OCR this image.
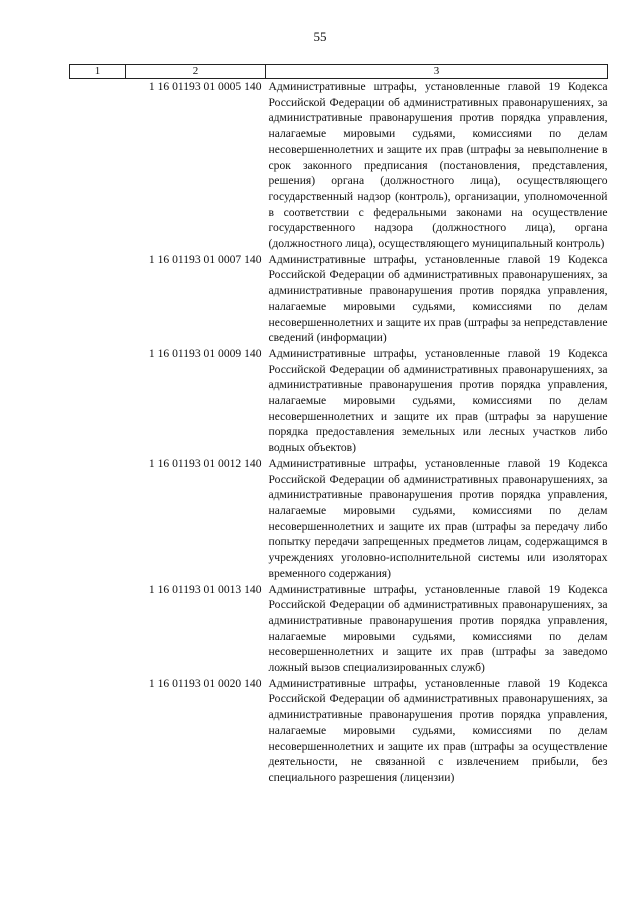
55
1	2	3
	1 16 01193 01 0005 140	Административные штрафы, установленные главой 19 Кодекса Российской Федерации об административных правонарушениях, за административные правонарушения против порядка управления, налагаемые мировыми судьями, комиссиями по делам несовершеннолетних и защите их прав (штрафы за невыполнение в срок законного предписания (постановления, представления, решения) органа (должностного лица), осуществляющего государственный надзор (контроль), организации, уполномоченной в соответствии с федеральными законами на осуществление государственного надзора (должностного лица), органа (должностного лица), осуществляющего муниципальный контроль)
	1 16 01193 01 0007 140	Административные штрафы, установленные главой 19 Кодекса Российской Федерации об административных правонарушениях, за административные правонарушения против порядка управления, налагаемые мировыми судьями, комиссиями по делам несовершеннолетних и защите их прав (штрафы за непредставление сведений (информации)
	1 16 01193 01 0009 140	Административные штрафы, установленные главой 19 Кодекса Российской Федерации об административных правонарушениях, за административные правонарушения против порядка управления, налагаемые мировыми судьями, комиссиями по делам несовершеннолетних и защите их прав (штрафы за нарушение порядка предоставления земельных или лесных участков либо водных объектов)
	1 16 01193 01 0012 140	Административные штрафы, установленные главой 19 Кодекса Российской Федерации об административных правонарушениях, за административные правонарушения против порядка управления, налагаемые мировыми судьями, комиссиями по делам несовершеннолетних и защите их прав (штрафы за передачу либо попытку передачи запрещенных предметов лицам, содержащимся в учреждениях уголовно-исполнительной системы или изоляторах временного содержания)
	1 16 01193 01 0013 140	Административные штрафы, установленные главой 19 Кодекса Российской Федерации об административных правонарушениях, за административные правонарушения против порядка управления, налагаемые мировыми судьями, комиссиями по делам несовершеннолетних и защите их прав (штрафы за заведомо ложный вызов специализированных служб)
	1 16 01193 01 0020 140	Административные штрафы, установленные главой 19 Кодекса Российской Федерации об административных правонарушениях, за административные правонарушения против порядка управления, налагаемые мировыми судьями, комиссиями по делам несовершеннолетних и защите их прав (штрафы за осуществление деятельности, не связанной с извлечением прибыли, без специального разрешения (лицензии)
